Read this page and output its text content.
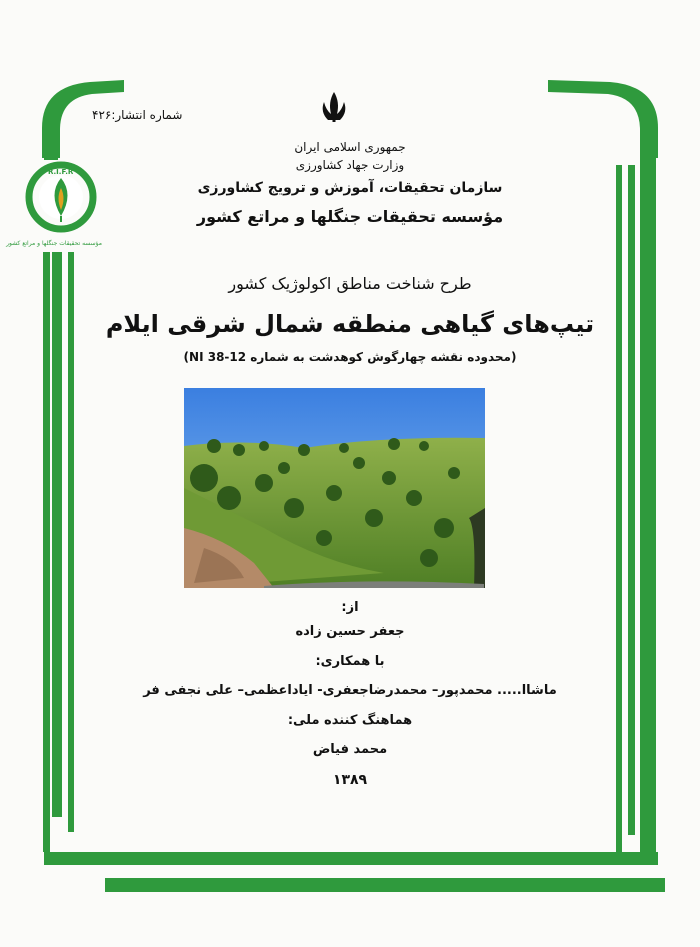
R.I.F.R
مؤسسه تحقیقات جنگلها و مراتع کشور
شماره انتشار:۴۲۶
جمهوری اسلامی ایران
وزارت جهاد کشاورزی
سازمان تحقیقات، آموزش و ترویج کشاورزی
مؤسسه تحقیقات جنگلها و مراتع کشور
طرح شناخت مناطق اکولوژیک کشور
تیپ‌های گیاهی منطقه شمال شرقی ایلام
(محدوده نقشه چهارگوش کوهدشت به شماره NI 38-12)
از:
جعفر حسین زاده
با همکاری:
ماشاا..... محمدپور– محمدرضاجعفری- ایاداعظمی– علی نجفی فر
هماهنگ کننده ملی:
محمد فیاض
۱۳۸۹
